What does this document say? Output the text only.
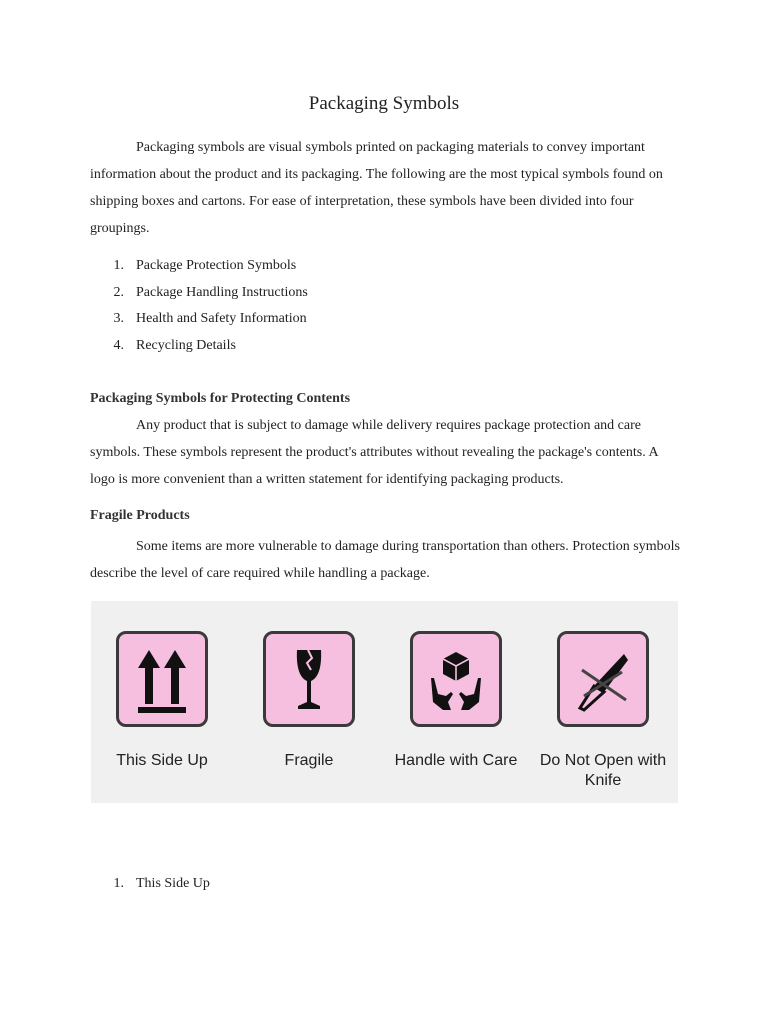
Packaging Symbols
Packaging symbols are visual symbols printed on packaging materials to convey important information about the product and its packaging. The following are the most typical symbols found on shipping boxes and cartons. For ease of interpretation, these symbols have been divided into four groupings.
1. Package Protection Symbols
2. Package Handling Instructions
3. Health and Safety Information
4. Recycling Details
Packaging Symbols for Protecting Contents
Any product that is subject to damage while delivery requires package protection and care symbols. These symbols represent the product's attributes without revealing the package's contents. A logo is more convenient than a written statement for identifying packaging products.
Fragile Products
Some items are more vulnerable to damage during transportation than others. Protection symbols describe the level of care required while handling a package.
This Side Up	Fragile	Handle with Care	Do Not Open with Knife
1. This Side Up
